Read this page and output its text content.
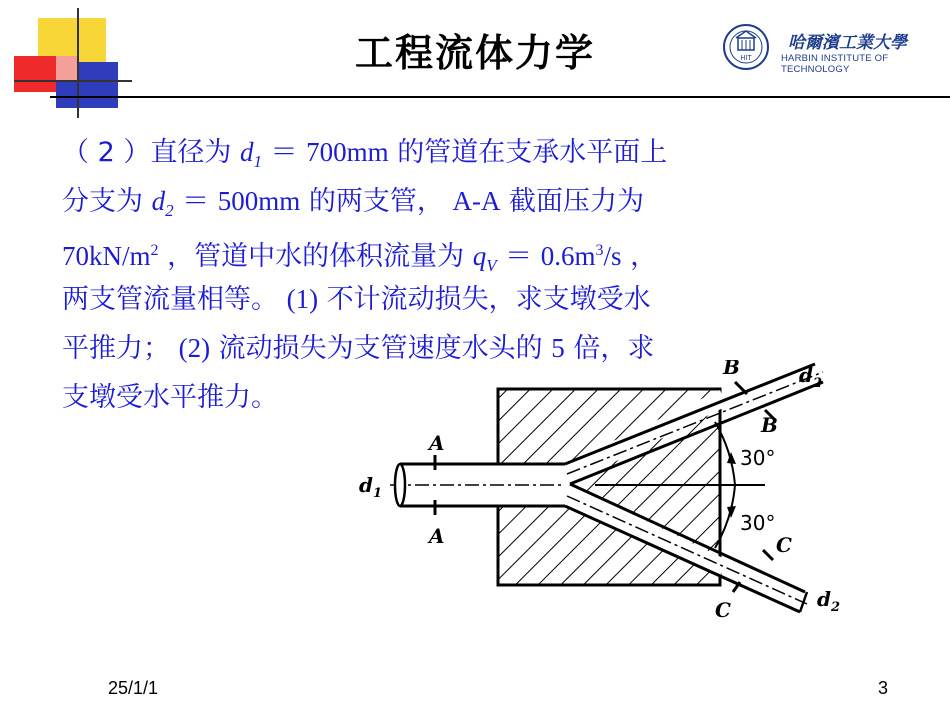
工程流体力学	HIT
哈爾濱工業大學
HARBIN INSTITUTE OF TECHNOLOGY
（ 2 ）直径为 $d_1 = 700mm$ 的管道在支承水平面上
分支为 $d_2 = 500mm$ 的两支管， A-A 截面压力为
$70kN/m^2$ ，管道中水的体积流量为 $q_V = 0.6m^3/s$ ，
两支管流量相等。 (1) 不计流动损失，求支墩受水
平推力； (2) 流动损失为支管速度水头的 5 倍，求
支墩受水平推力。
A
A
$d_1$
B
B
C
C
$d_2$
$d_2$
30°
30°
25/1/1	3
